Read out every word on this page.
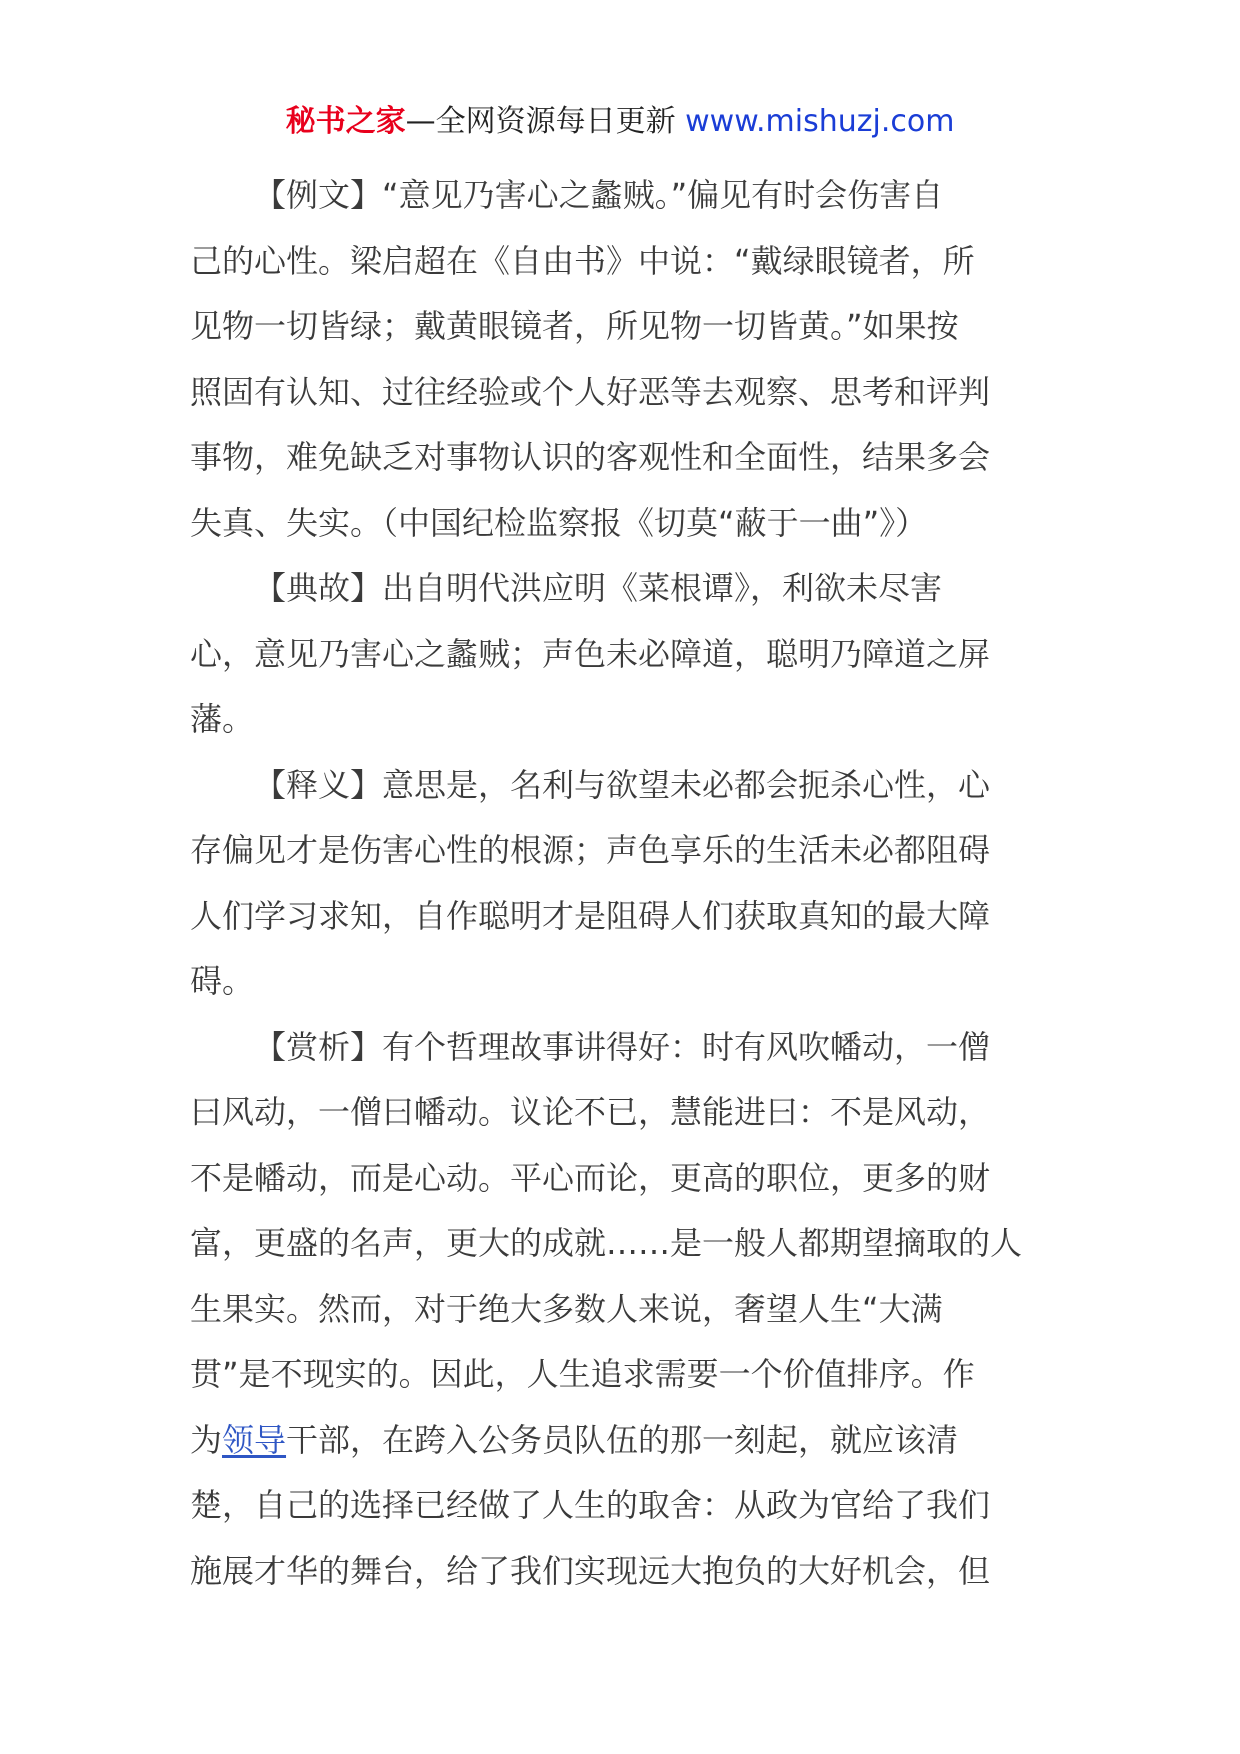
秘书之家—全网资源每日更新 www.mishuzj.com
【例文】“意见乃害心之蠡贼。”偏见有时会伤害自
己的心性。梁启超在《自由书》中说：“戴绿眼镜者，所
见物一切皆绿；戴黄眼镜者，所见物一切皆黄。”如果按
照固有认知、过往经验或个人好恶等去观察、思考和评判
事物，难免缺乏对事物认识的客观性和全面性，结果多会
失真、失实。（中国纪检监察报《切莫“蔽于一曲”》）
【典故】出自明代洪应明《菜根谭》，利欲未尽害
心，意见乃害心之蠡贼；声色未必障道，聪明乃障道之屏
藩。
【释义】意思是，名利与欲望未必都会扼杀心性，心
存偏见才是伤害心性的根源；声色享乐的生活未必都阻碍
人们学习求知，自作聪明才是阻碍人们获取真知的最大障
碍。
【赏析】有个哲理故事讲得好：时有风吹幡动，一僧
曰风动，一僧曰幡动。议论不已，慧能进曰：不是风动，
不是幡动，而是心动。平心而论，更高的职位，更多的财
富，更盛的名声，更大的成就……是一般人都期望摘取的人
生果实。然而，对于绝大多数人来说，奢望人生“大满
贯”是不现实的。因此，人生追求需要一个价值排序。作
为领导干部，在跨入公务员队伍的那一刻起，就应该清
楚，自己的选择已经做了人生的取舍：从政为官给了我们
施展才华的舞台，给了我们实现远大抱负的大好机会，但
